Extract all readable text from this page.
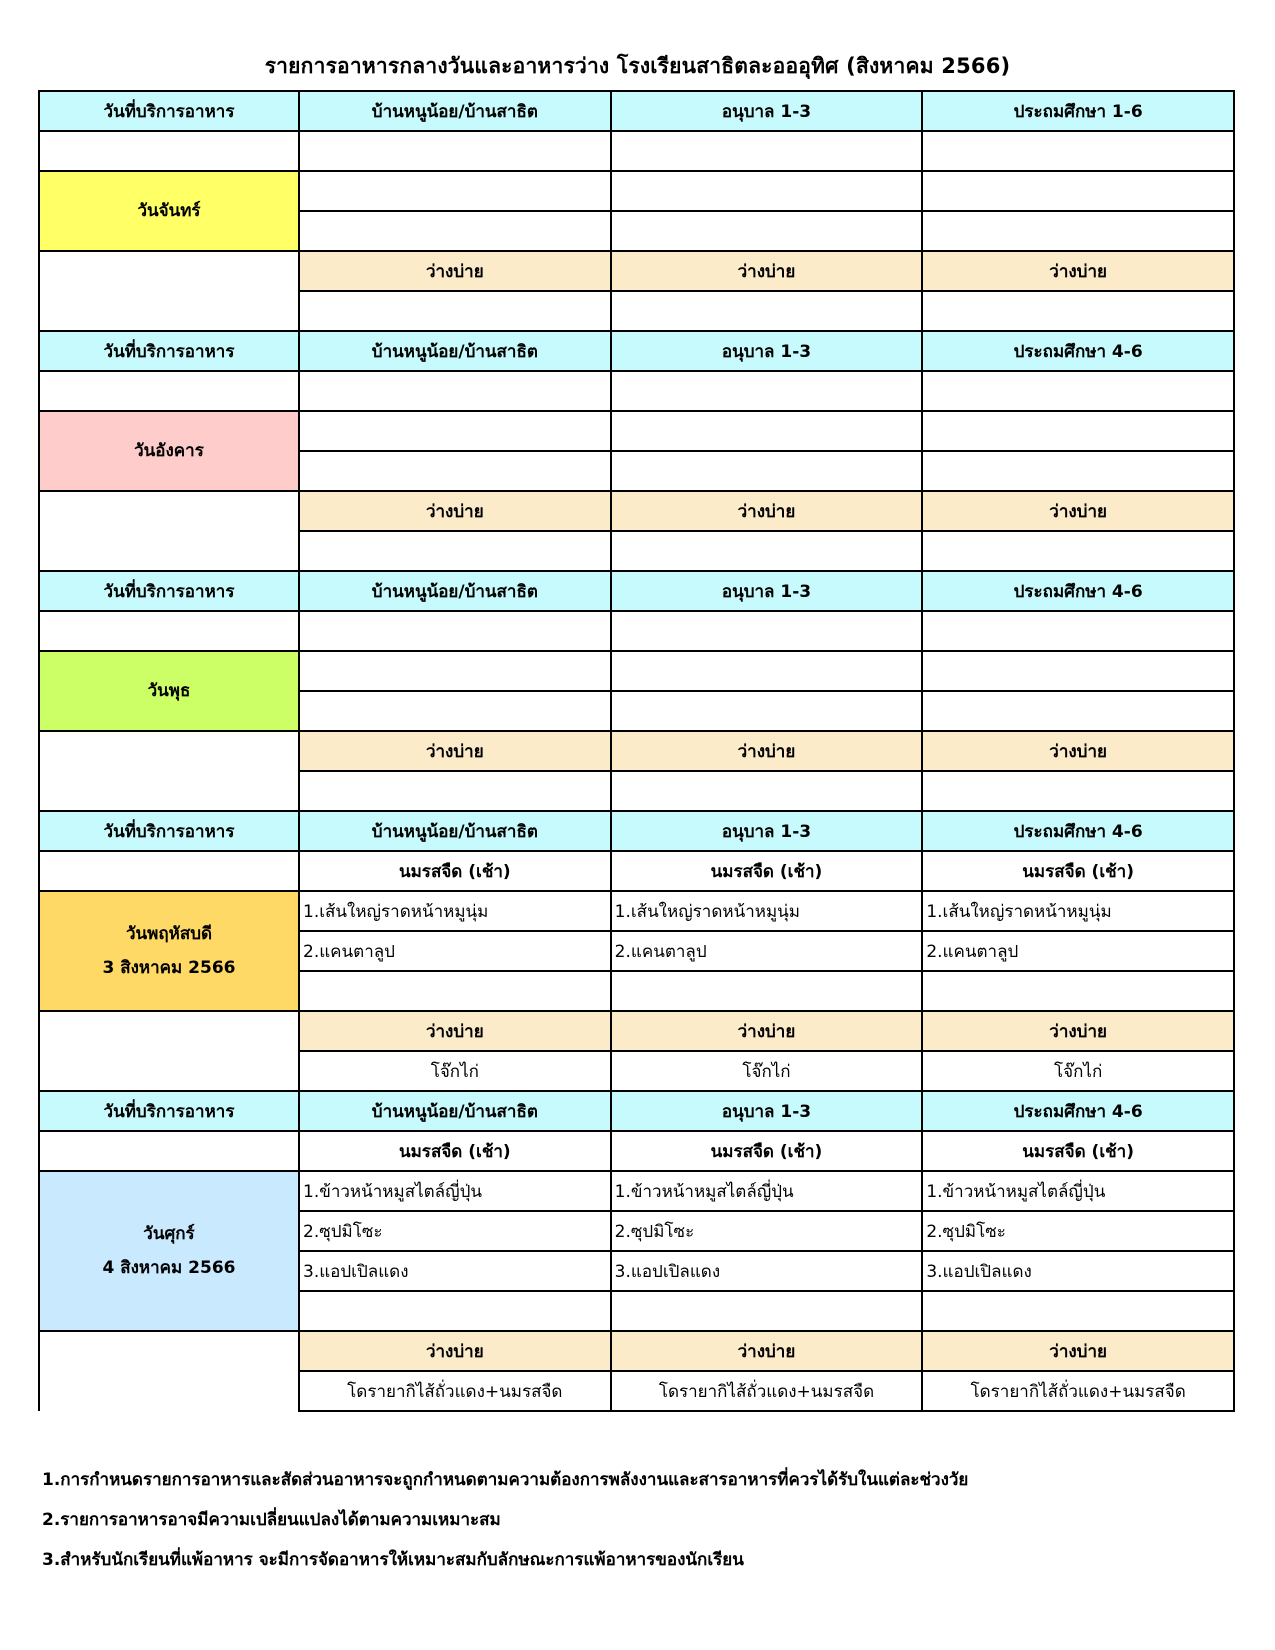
รายการอาหารกลางวันและอาหารว่าง โรงเรียนสาธิตละอออุทิศ (สิงหาคม 2566)
วันที่บริการอาหาร	บ้านหนูน้อย/บ้านสาธิต	อนุบาล 1-3	ประถมศึกษา 1-6

วันจันทร์			

	ว่างบ่าย	ว่างบ่าย	ว่างบ่าย

วันที่บริการอาหาร	บ้านหนูน้อย/บ้านสาธิต	อนุบาล 1-3	ประถมศึกษา 4-6

วันอังคาร			

	ว่างบ่าย	ว่างบ่าย	ว่างบ่าย

วันที่บริการอาหาร	บ้านหนูน้อย/บ้านสาธิต	อนุบาล 1-3	ประถมศึกษา 4-6

วันพุธ			

	ว่างบ่าย	ว่างบ่าย	ว่างบ่าย

วันที่บริการอาหาร	บ้านหนูน้อย/บ้านสาธิต	อนุบาล 1-3	ประถมศึกษา 4-6
	นมรสจืด (เช้า)	นมรสจืด (เช้า)	นมรสจืด (เช้า)

วันพฤหัสบดี
3 สิงหาคม 2566	1.เส้นใหญ่ราดหน้าหมูนุ่ม	1.เส้นใหญ่ราดหน้าหมูนุ่ม	1.เส้นใหญ่ราดหน้าหมูนุ่ม
	2.แคนตาลูป	2.แคนตาลูป	2.แคนตาลูป

	ว่างบ่าย	ว่างบ่าย	ว่างบ่าย
	โจ๊กไก่	โจ๊กไก่	โจ๊กไก่
วันที่บริการอาหาร	บ้านหนูน้อย/บ้านสาธิต	อนุบาล 1-3	ประถมศึกษา 4-6
	นมรสจืด (เช้า)	นมรสจืด (เช้า)	นมรสจืด (เช้า)

วันศุกร์
4 สิงหาคม 2566	1.ข้าวหน้าหมูสไตล์ญี่ปุ่น	1.ข้าวหน้าหมูสไตล์ญี่ปุ่น	1.ข้าวหน้าหมูสไตล์ญี่ปุ่น
	2.ซุปมิโซะ	2.ซุปมิโซะ	2.ซุปมิโซะ
	3.แอปเปิลแดง	3.แอปเปิลแดง	3.แอปเปิลแดง

	ว่างบ่าย	ว่างบ่าย	ว่างบ่าย
	โดรายากิไส้ถั่วแดง+นมรสจืด	โดรายากิไส้ถั่วแดง+นมรสจืด	โดรายากิไส้ถั่วแดง+นมรสจืด
1.การกำหนดรายการอาหารและสัดส่วนอาหารจะถูกกำหนดตามความต้องการพลังงานและสารอาหารที่ควรได้รับในแต่ละช่วงวัย
2.รายการอาหารอาจมีความเปลี่ยนแปลงได้ตามความเหมาะสม
3.สำหรับนักเรียนที่แพ้อาหาร จะมีการจัดอาหารให้เหมาะสมกับลักษณะการแพ้อาหารของนักเรียน
